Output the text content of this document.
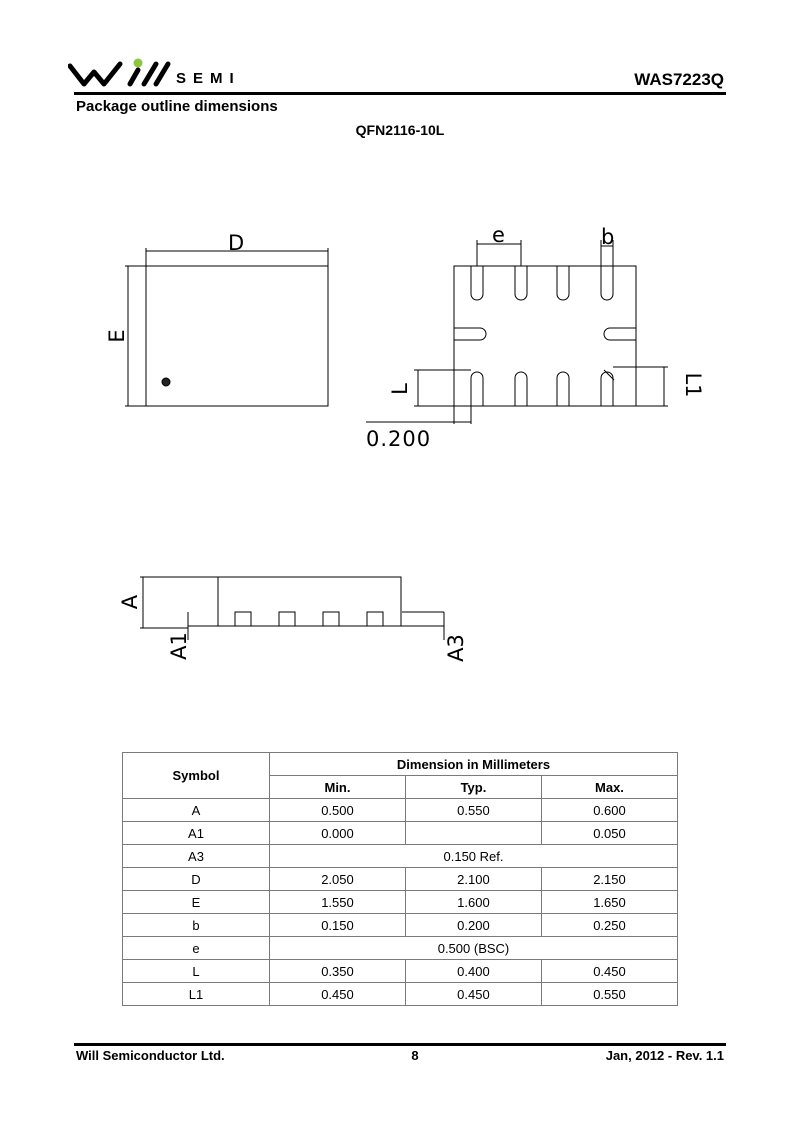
SEMI	WAS7223Q
Package outline dimensions
QFN2116-10L
D
E
e	b
L	L1
0.200
A
A1	A3
Symbol	Dimension in Millimeters		
	Min.	Typ.	Max.
A	0.500	0.550	0.600
A1	0.000		0.050
A3	0.150 Ref.		
D	2.050	2.100	2.150
E	1.550	1.600	1.650
b	0.150	0.200	0.250
e	0.500 (BSC)		
L	0.350	0.400	0.450
L1	0.450	0.450	0.550
Will Semiconductor Ltd.	8	Jan, 2012 - Rev. 1.1
